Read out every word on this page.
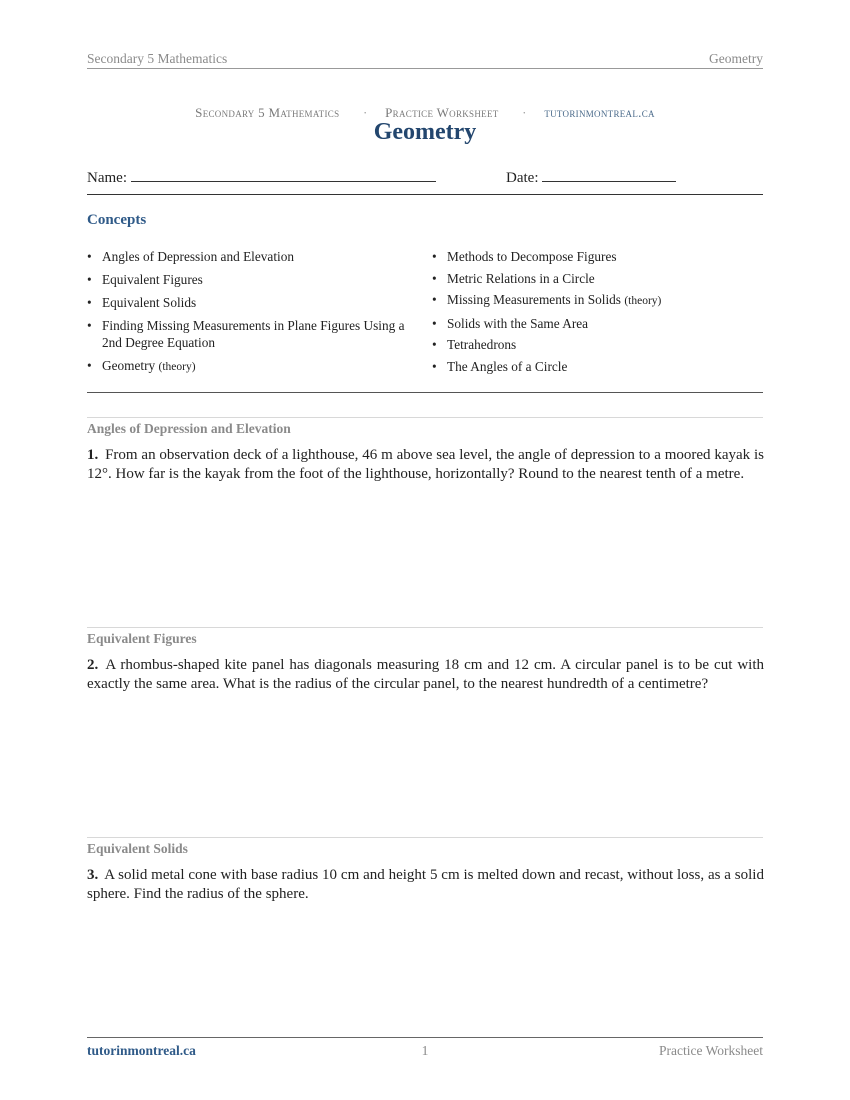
Secondary 5 Mathematics	Geometry
Secondary 5 Mathematics · Practice Worksheet · tutorinmontreal.ca
Geometry
Name:	Date:
Concepts
• Angles of Depression and Elevation
• Equivalent Figures
• Equivalent Solids
• Finding Missing Measurements in Plane Figures Using a 2nd Degree Equation
• Geometry (theory)
• Methods to Decompose Figures
• Metric Relations in a Circle
• Missing Measurements in Solids (theory)
• Solids with the Same Area
• Tetrahedrons
• The Angles of a Circle
Angles of Depression and Elevation
1. From an observation deck of a lighthouse, 46 m above sea level, the angle of depression to a moored kayak is 12°. How far is the kayak from the foot of the lighthouse, horizontally? Round to the nearest tenth of a metre.
Equivalent Figures
2. A rhombus-shaped kite panel has diagonals measuring 18 cm and 12 cm. A circular panel is to be cut with exactly the same area. What is the radius of the circular panel, to the nearest hundredth of a centimetre?
Equivalent Solids
3. A solid metal cone with base radius 10 cm and height 5 cm is melted down and recast, without loss, as a solid sphere. Find the radius of the sphere.
tutorinmontreal.ca	1	Practice Worksheet
